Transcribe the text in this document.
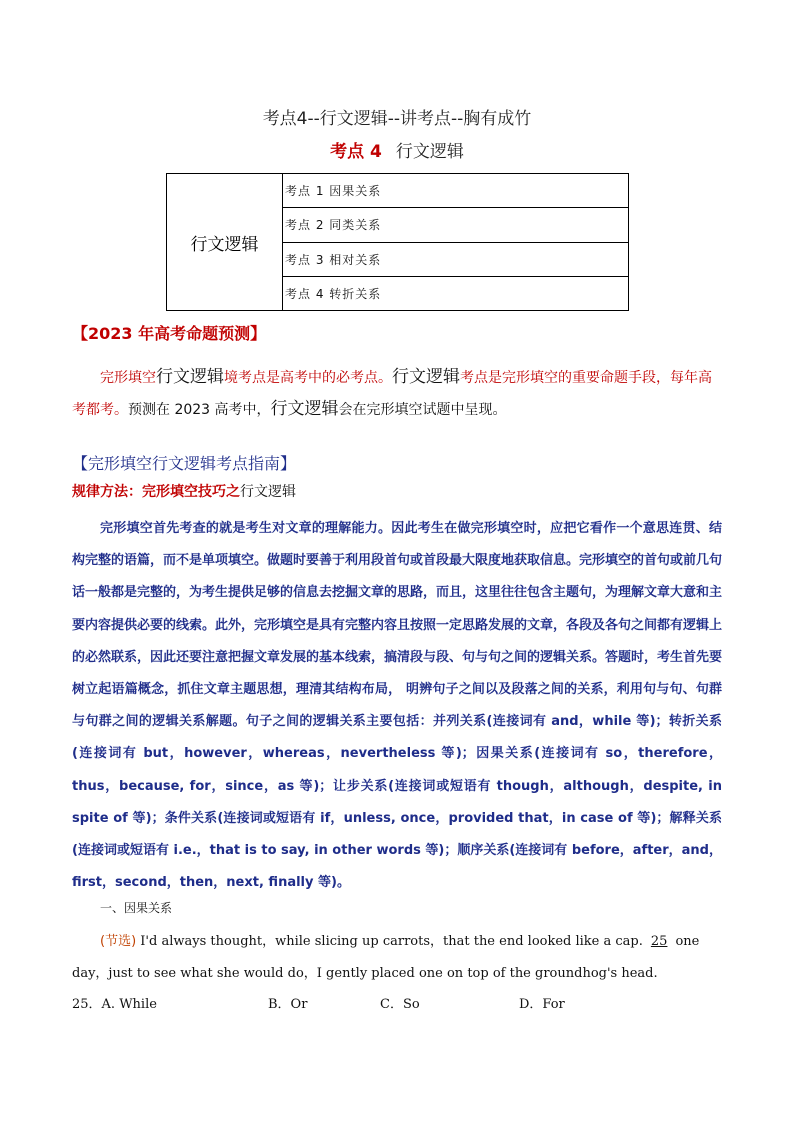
考点4--行文逻辑--讲考点--胸有成竹
考点 4 行文逻辑
行文逻辑	考点 1 因果关系
考点 2 同类关系
考点 3 相对关系
考点 4 转折关系
【2023 年高考命题预测】
完形填空行文逻辑境考点是高考中的必考点。行文逻辑考点是完形填空的重要命题手段，每年高考都考。预测在 2023 高考中，行文逻辑会在完形填空试题中呈现。
【完形填空行文逻辑考点指南】
规律方法：完形填空技巧之行文逻辑
完形填空首先考查的就是考生对文章的理解能力。因此考生在做完形填空时，应把它看作一个意思连贯、结构完整的语篇，而不是单项填空。做题时要善于利用段首句或首段最大限度地获取信息。完形填空的首句或前几句话一般都是完整的，为考生提供足够的信息去挖掘文章的思路，而且，这里往往包含主题句，为理解文章大意和主要内容提供必要的线索。此外，完形填空是具有完整内容且按照一定思路发展的文章，各段及各句之间都有逻辑上的必然联系，因此还要注意把握文章发展的基本线索，搞清段与段、句与句之间的逻辑关系。答题时，考生首先要树立起语篇概念，抓住文章主题思想，理清其结构布局， 明辨句子之间以及段落之间的关系，利用句与句、句群与句群之间的逻辑关系解题。句子之间的逻辑关系主要包括：并列关系(连接词有 and，while 等)；转折关系(连接词有 but，however，whereas，nevertheless 等)；因果关系(连接词有 so，therefore，thus，because, for，since，as 等)；让步关系(连接词或短语有 though，although，despite, in spite of 等)；条件关系(连接词或短语有 if，unless, once，provided that，in case of 等)；解释关系(连接词或短语有 i.e.，that is to say, in other words 等)；顺序关系(连接词有 before，after，and，first，second，then，next, finally 等)。
一、因果关系
(节选) I'd always thought，while slicing up carrots，that the end looked like a cap. 25 one day，just to see what she would do，I gently placed one on top of the groundhog's head.
25．A. While	B．Or	C．So	D．For
